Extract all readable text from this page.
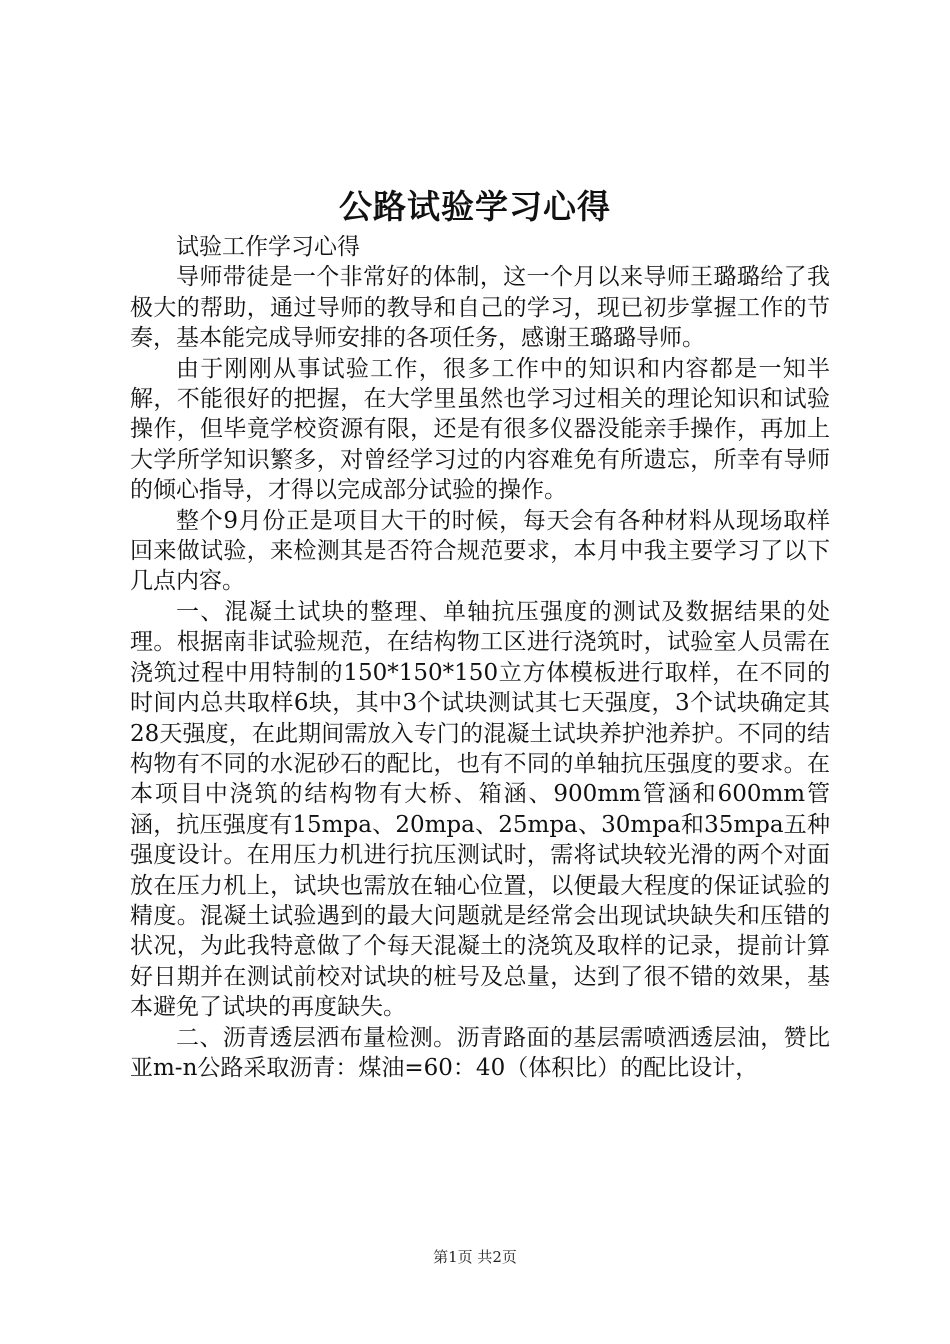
公路试验学习心得

试验工作学习心得

导师带徒是一个非常好的体制，这一个月以来导师王璐璐给了我极大的帮助，通过导师的教导和自己的学习，现已初步掌握工作的节奏，基本能完成导师安排的各项任务，感谢王璐璐导师。

由于刚刚从事试验工作，很多工作中的知识和内容都是一知半解，不能很好的把握，在大学里虽然也学习过相关的理论知识和试验操作，但毕竟学校资源有限，还是有很多仪器没能亲手操作，再加上大学所学知识繁多，对曾经学习过的内容难免有所遗忘，所幸有导师的倾心指导，才得以完成部分试验的操作。

整个9月份正是项目大干的时候，每天会有各种材料从现场取样回来做试验，来检测其是否符合规范要求，本月中我主要学习了以下几点内容。

一、混凝土试块的整理、单轴抗压强度的测试及数据结果的处理。根据南非试验规范，在结构物工区进行浇筑时，试验室人员需在浇筑过程中用特制的150*150*150立方体模板进行取样，在不同的时间内总共取样6块，其中3个试块测试其七天强度，3个试块确定其28天强度，在此期间需放入专门的混凝土试块养护池养护。不同的结构物有不同的水泥砂石的配比，也有不同的单轴抗压强度的要求。在本项目中浇筑的结构物有大桥、箱涵、900mm管涵和600mm管涵，抗压强度有15mpa、20mpa、25mpa、30mpa和35mpa五种强度设计。在用压力机进行抗压测试时，需将试块较光滑的两个对面放在压力机上，试块也需放在轴心位置，以便最大程度的保证试验的精度。混凝土试验遇到的最大问题就是经常会出现试块缺失和压错的状况，为此我特意做了个每天混凝土的浇筑及取样的记录，提前计算好日期并在测试前校对试块的桩号及总量，达到了很不错的效果，基本避免了试块的再度缺失。

二、沥青透层洒布量检测。沥青路面的基层需喷洒透层油，赞比亚m-n公路采取沥青：煤油=60：40（体积比）的配比设计，

第1页 共2页
